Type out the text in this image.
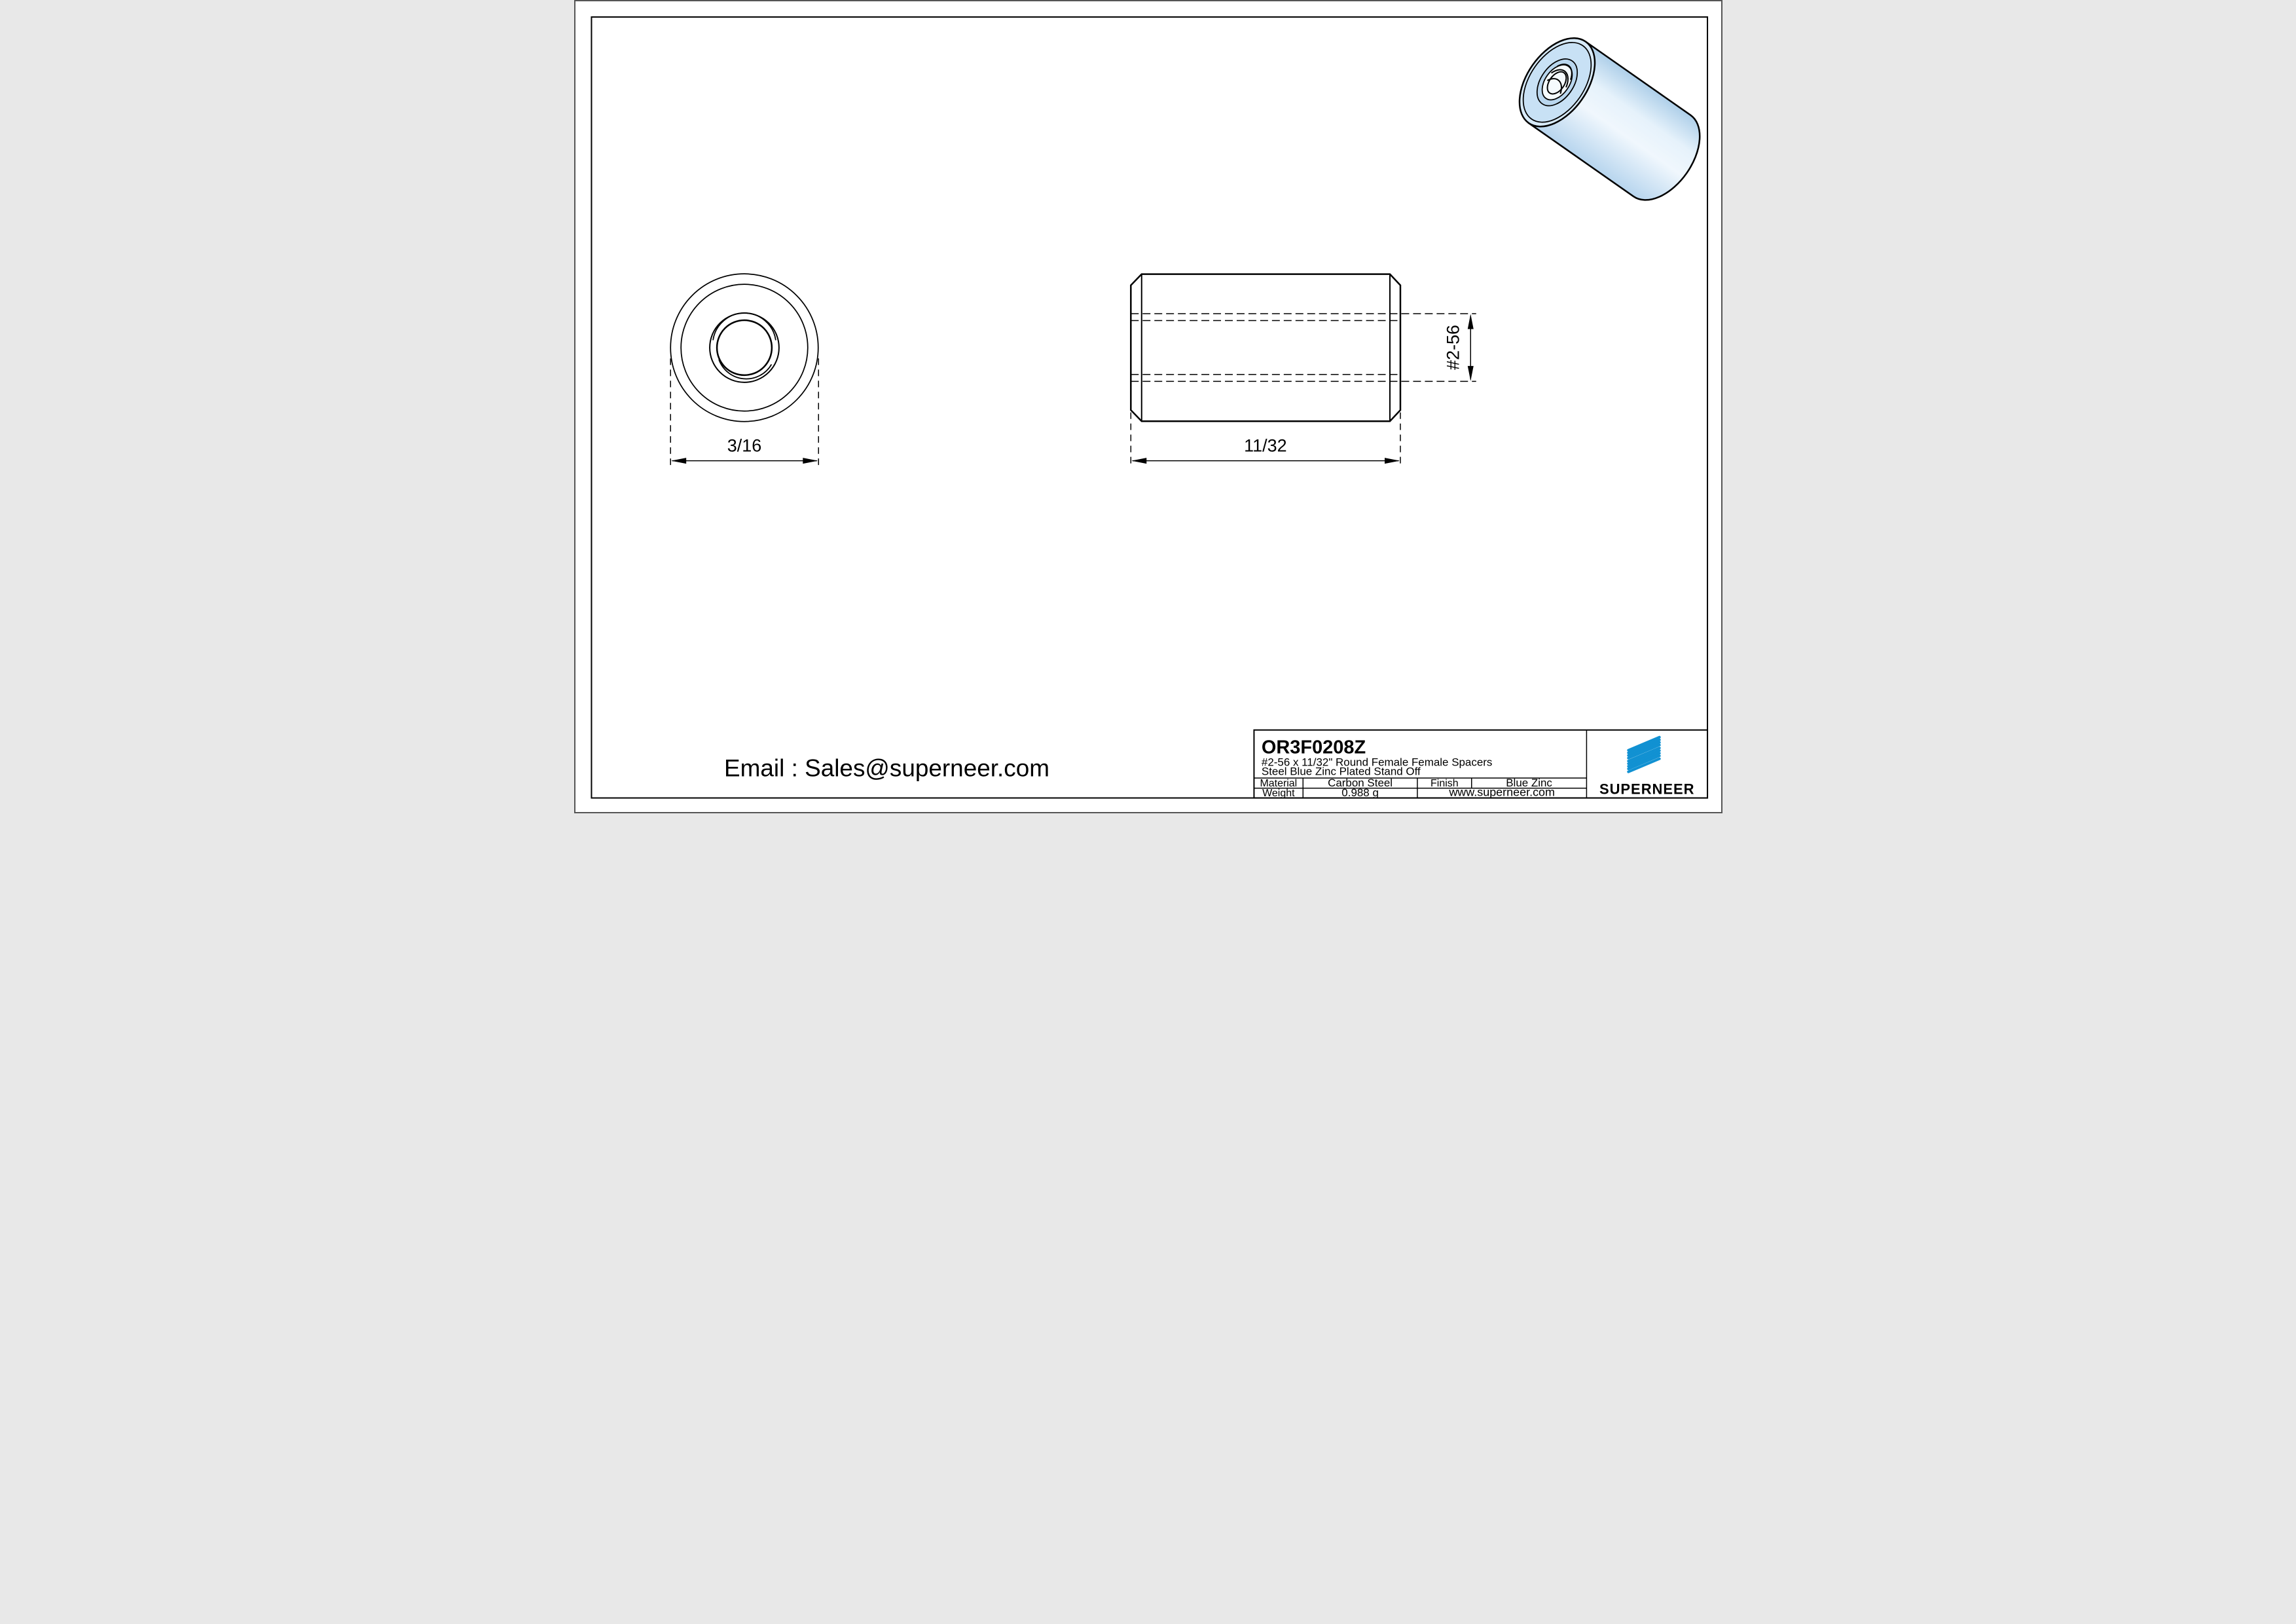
3/16	11/32
#2-56
Email : Sales@superneer.com
OR3F0208Z
#2-56 x 11/32" Round Female Female Spacers
Steel Blue Zinc Plated Stand Off
Material Carbon Steel Finish Blue Zinc
Weight 0.988 g	www.superneer.com SUPERNEER
